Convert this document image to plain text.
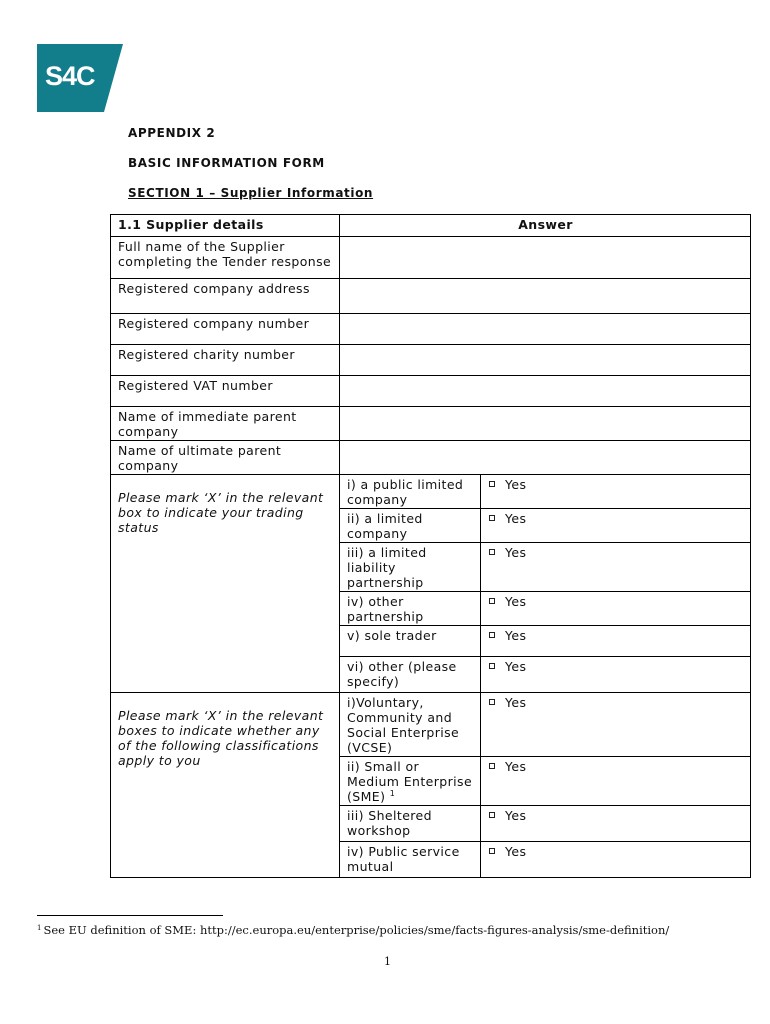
S4C
APPENDIX 2
BASIC INFORMATION FORM
SECTION 1 – Supplier Information
1.1 Supplier details	Answer	
Full name of the Supplier completing the Tender response		
Registered company address		
Registered company number		
Registered charity number		
Registered VAT number		
Name of immediate parent company		
Name of ultimate parent company		
Please mark ‘X’ in the relevant box to indicate your trading status	i) a public limited company	Yes
	ii) a limited company	Yes
	iii) a limited liability partnership	Yes
	iv) other partnership	Yes
	v) sole trader	Yes
	vi) other (please specify)	Yes
Please mark ‘X’ in the relevant boxes to indicate whether any of the following classifications apply to you	i)Voluntary, Community and Social Enterprise (VCSE)	Yes
	ii) Small or Medium Enterprise (SME) $^1$	Yes
	iii) Sheltered workshop	Yes
	iv) Public service mutual	Yes
$^1$ See EU definition of SME: http://ec.europa.eu/enterprise/policies/sme/facts-figures-analysis/sme-definition/
1
